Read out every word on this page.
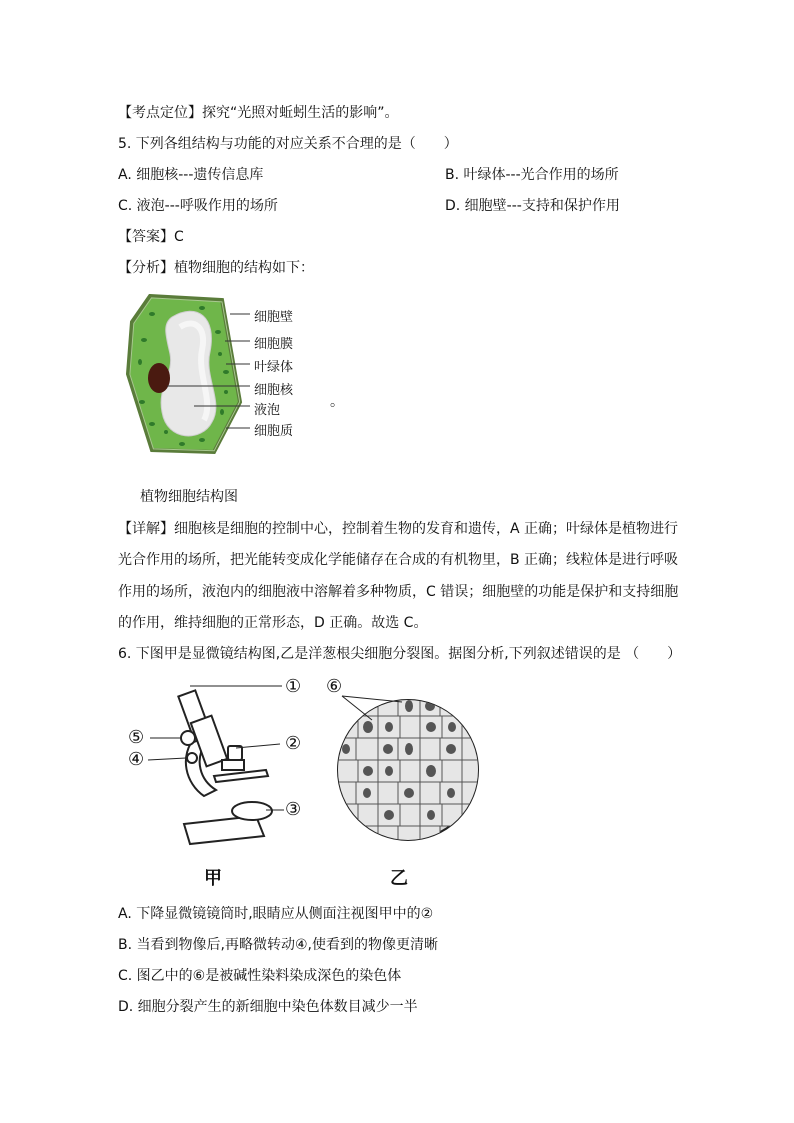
【考点定位】探究“光照对蚯蚓生活的影响”。
5. 下列各组结构与功能的对应关系不合理的是（　　）
A. 细胞核---遗传信息库	B. 叶绿体---光合作用的场所
C. 液泡---呼吸作用的场所	D. 细胞壁---支持和保护作用
【答案】C
【分析】植物细胞的结构如下：
细胞壁
细胞膜
叶绿体
细胞核
液泡
细胞质
。
植物细胞结构图
【详解】细胞核是细胞的控制中心，控制着生物的发育和遗传，A 正确；叶绿体是植物进行
光合作用的场所，把光能转变成化学能储存在合成的有机物里，B 正确；线粒体是进行呼吸
作用的场所，液泡内的细胞液中溶解着多种物质，C 错误；细胞壁的功能是保护和支持细胞
的作用，维持细胞的正常形态，D 正确。故选 C。
6. 下图甲是显微镜结构图,乙是洋葱根尖细胞分裂图。据图分析,下列叙述错误的是 （　　）
①
②
③
④
⑤
甲
⑥
乙
A. 下降显微镜镜筒时,眼睛应从侧面注视图甲中的②
B. 当看到物像后,再略微转动④,使看到的物像更清晰
C. 图乙中的⑥是被碱性染料染成深色的染色体
D. 细胞分裂产生的新细胞中染色体数目减少一半
